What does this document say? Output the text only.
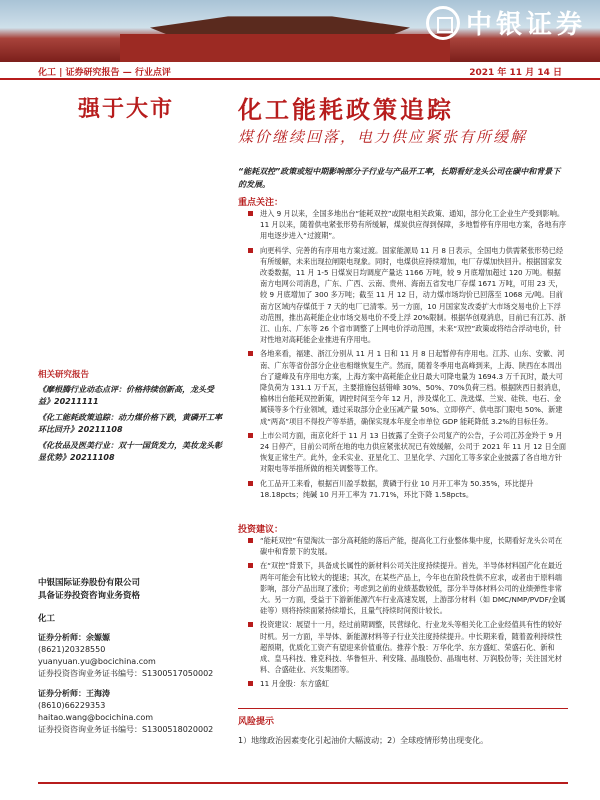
中银证券
化工 | 证券研究报告 — 行业点评	2021 年 11 月 14 日
强于大市	化工能耗政策追踪
煤价继续回落，电力供应紧张有所缓解
“能耗双控”政策或短中期影响部分子行业与产品开工率，长期看好龙头公司在碳中和背景下的发展。
重点关注：
进入 9 月以来，全国多地出台“能耗双控”或限电相关政策、通知，部分化工企业生产受到影响。11 月以来，随着供电紧张形势有所缓解，煤炭供应得到保障，多地暂停有序用电方案，各地有序用电逐步进入“过渡期”。
向更科学、完善的有序用电方案过渡。国家能源局 11 月 8 日表示，全国电力供需紧张形势已经有所缓解，未来出现拉闸限电现象。同时，电煤供应持续增加，电厂存煤加快回升。根据国家发改委数据，11 月 1-5 日煤炭日均调度产量达 1166 万吨，较 9 月底增加超过 120 万吨。根据南方电网公司消息，广东、广西、云南、贵州、海南五省发电厂存煤 1671 万吨，可用 23 天，较 9 月底增加了 300 多万吨；截至 11 月 12 日，动力煤市场均价已回落至 1068 元/吨。目前南方区域内存煤低于 7 天的电厂已清零。另一方面，10 月国家发改委扩大市场交易电价上下浮动范围，推出高耗能企业市场交易电价不受上浮 20%限制。根据华创观消息，目前已有江苏、浙江、山东、广东等 26 个省市调整了上网电价浮动范围，未来“双控”政策或将结合浮动电价，针对性地对高耗能企业推进有序用电。
各地来看，福建、浙江分别从 11 月 1 日和 11 月 8 日起暂停有序用电。江苏、山东、安徽、河南、广东等省份部分企业也相继恢复生产。然而，随着冬季用电高峰到来，上海、陕西在本周出台了避峰及有序用电方案，上海方案中高耗能企业日最大可降电量为 1694.3 万千瓦时，最大可降负荷为 131.1 万千瓦，主要措施包括错峰 30%、50%、70%负荷三档。根据陕西日报消息，榆林出台能耗双控新策，调控时间至今年 12 月，涉及煤化工、洗选煤、兰炭、硅铁、电石、金属镁等多个行业领域，通过采取部分企业压减产量 50%、立即停产、供电部门限电 50%、新建成“两高”项目不得投产等举措，确保实现本年度全市单位 GDP 能耗降低 3.2%的目标任务。
上市公司方面，南京化纤于 11 月 13 日披露了全资子公司复产的公告，子公司江苏金羚于 9 月 24 日停产，目前公司所在地的电力供应紧张状况已有效缓解，公司于 2021 年 11 月 12 日全面恢复正常生产。此外，金禾实业、亚星化工、卫星化学、六国化工等多家企业披露了各自地方针对限电等举措所做的相关调整等工作。
化工品开工来看，根据百川盈孚数据，黄磷于行业 10 月开工率为 50.35%，环比提升 18.18pcts；纯碱 10 月开工率为 71.71%，环比下降 1.58pcts。
投资建议：
“能耗双控”有望淘汰一部分高耗能的落后产能，提高化工行业整体集中度，长期看好龙头公司在碳中和背景下的发展。
在“双控”背景下，具备成长属性的新材料公司关注度持续提升。首先，半导体材料国产化在最近两年可能会有比较大的提速；其次，在某些产品上，今年也在阶段性供不应求，或者由于原料端影响，部分产品出现了涨价；考虑到之前的业绩基数较低，部分半导体材料公司的业绩弹性非常大。另一方面，受益于下游新能源汽车行业高速发展，上游部分材料（如 DMC/NMP/PVDF/金属硅等）则将持续面紧持续增长，且量气持续时间预计较长。
投资建议：展望十一月，经过前期调整，民营绿化、行业龙头等相关化工企业经值具有性的较好时机。另一方面，半导体、新能源材料等子行业关注度持续提升。中长期来看，随着盈利持续性超预期，优质化工资产有望迎来价值重估。推荐个股：万华化学、东方盛虹、荣盛石化、新和成、皇马科技、雅克科技、华鲁恒升、利安隆、晶瑞股份、晶瑞电材、万润股份等；关注国光材料、合盛硅业、兴发集团等。
11 月金股：东方盛虹
风险提示
1）地缘政治因素变化引起油价大幅波动；2）全球疫情形势出现变化。
相关研究报告
《摩根腾行业动态点评：价格持续创新高，龙头受益》20211111
《化工能耗政策追踪：动力煤价格下跌，黄磷开工率环比回升》20211108
《化妆品及医美行业：双十一国货发力，美妆龙头彰显优势》20211108
中银国际证券股份有限公司
具备证券投资咨询业务资格
化工
证券分析师：余嫄嫄
(8621)20328550
yuanyuan.yu@bocichina.com
证券投资咨询业务证书编号：S1300517050002
证券分析师：王海涛
(8610)66229353
haitao.wang@bocichina.com
证券投资咨询业务证书编号：S1300518020002
